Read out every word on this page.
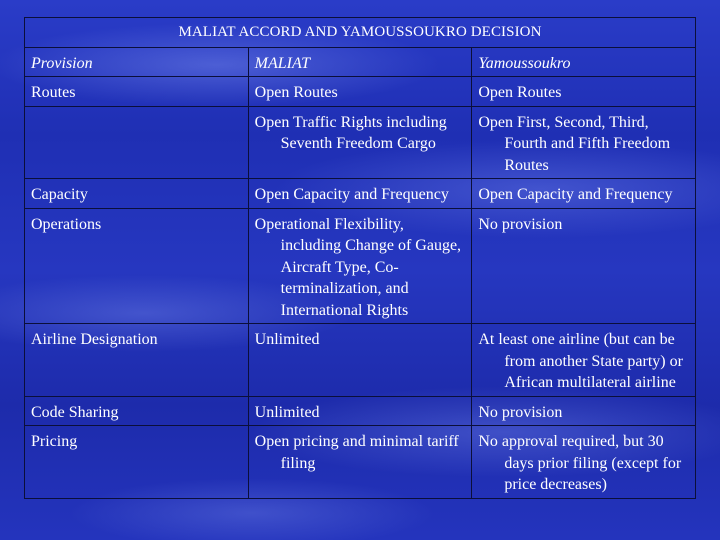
MALIAT ACCORD AND YAMOUSSOUKRO DECISION		
Provision	MALIAT	Yamoussoukro

Routes	Open Routes	Open Routes

	Open Traffic Rights including Seventh Freedom Cargo	Open First, Second, Third, Fourth and Fifth Freedom Routes

Capacity	Open Capacity and Frequency	Open Capacity and Frequency

Operations	Operational Flexibility, including Change of Gauge, Aircraft Type, Co-terminalization, and International Rights	No provision

Airline Designation	Unlimited	At least one airline (but can be from another State party) or African multilateral airline

Code Sharing	Unlimited	No provision

Pricing	Open pricing and minimal tariff filing	No approval required, but 30 days prior filing (except for price decreases)
